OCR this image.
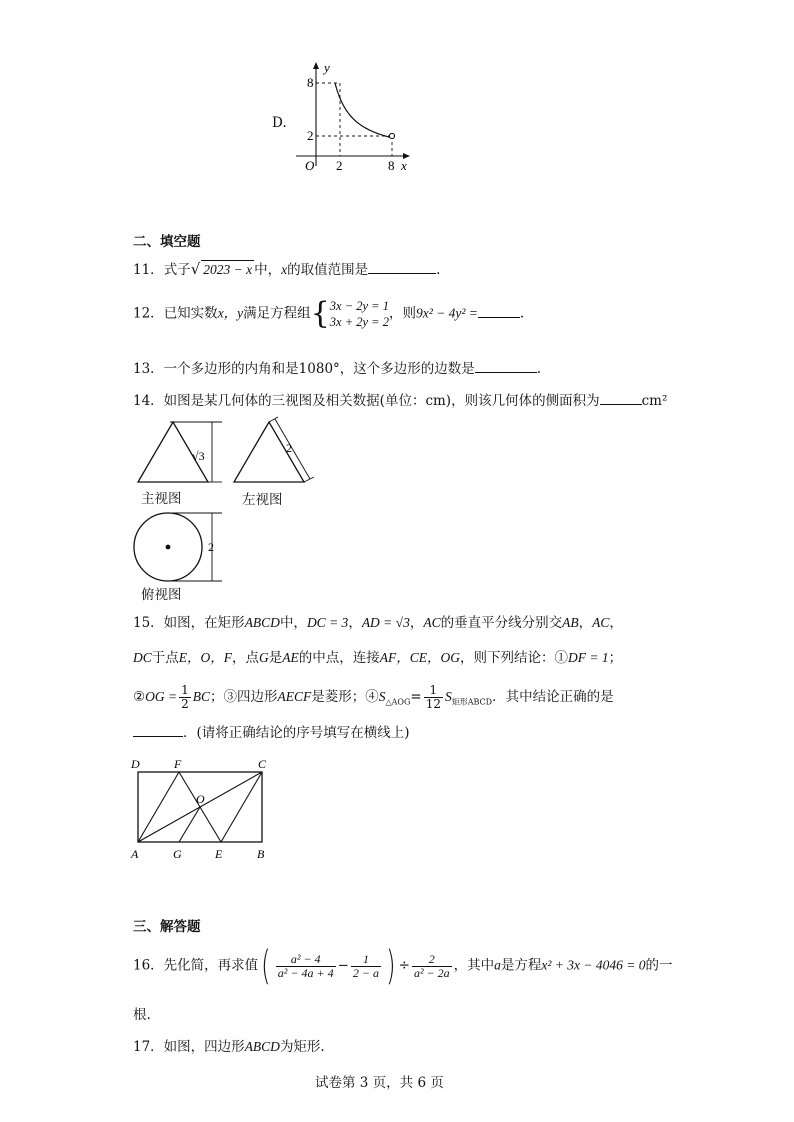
D.
y
x
O
8
2
2	8
二、填空题
11．式子√ 2023 − x 中，x的取值范围是	.
12．已知实数x，y满足方程组{ 3x − 2y = 1
3x + 2y = 2
，则9x² − 4y² =	.
13．一个多边形的内角和是1080°，这个多边形的边数是	.
14．如图是某几何体的三视图及相关数据(单位：cm)，则该几何体的侧面积为	cm²
√3
2
2
主视图	左视图
俯视图
15．如图，在矩形ABCD中，DC = 3，AD = √3，AC的垂直平分线分别交AB，AC，
DC于点E，O，F，点G是AE的中点，连接AF，CE，OG，则下列结论：①DF = 1；
②OG = $\frac{1}{2}$ BC；③四边形AECF是菱形；$④S_{\triangle AOG}= \frac{1}{12} S_{矩形ABCD}$．其中结论正确的是
．(请将正确结论的序号填写在横线上)
D	F	C
O
A	G	E	B
三、解答题
16．先化简，再求值( $\frac{\text{a² − 4}}{\text{a² − 4a + 4}} - \frac{1}{2 - a}$ ) ÷ $\frac{2}{\text{a² − 2a}}$ ，其中a是方程x² + 3x − 4046 = 0的一
根.
17．如图，四边形ABCD为矩形.
试卷第 3 页，共 6 页
